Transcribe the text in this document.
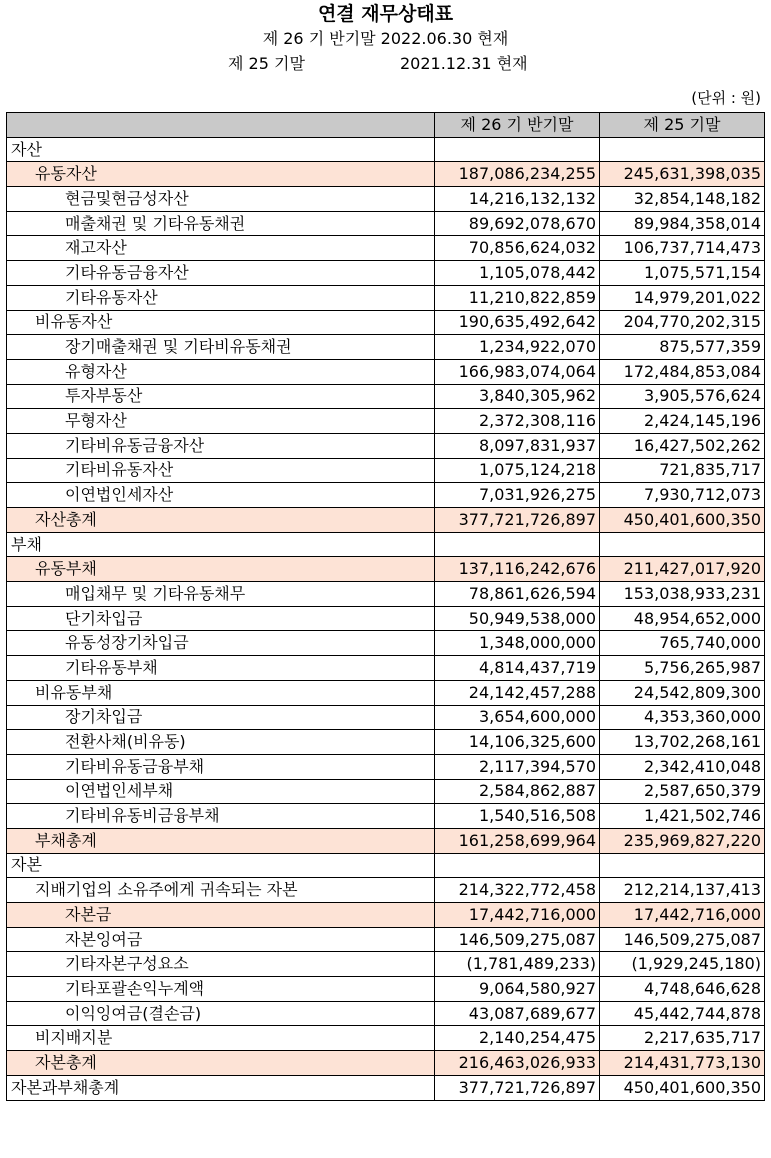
연결 재무상태표
제 26 기 반기말 2022.06.30 현재
제 25 기말	2021.12.31 현재
(단위 : 원)
	제 26 기 반기말	제 25 기말
자산		
유동자산	187,086,234,255	245,631,398,035
현금및현금성자산	14,216,132,132	32,854,148,182
매출채권 및 기타유동채권	89,692,078,670	89,984,358,014
재고자산	70,856,624,032	106,737,714,473
기타유동금융자산	1,105,078,442	1,075,571,154
기타유동자산	11,210,822,859	14,979,201,022
비유동자산	190,635,492,642	204,770,202,315
장기매출채권 및 기타비유동채권	1,234,922,070	875,577,359
유형자산	166,983,074,064	172,484,853,084
투자부동산	3,840,305,962	3,905,576,624
무형자산	2,372,308,116	2,424,145,196
기타비유동금융자산	8,097,831,937	16,427,502,262
기타비유동자산	1,075,124,218	721,835,717
이연법인세자산	7,031,926,275	7,930,712,073
자산총계	377,721,726,897	450,401,600,350
부채		
유동부채	137,116,242,676	211,427,017,920
매입채무 및 기타유동채무	78,861,626,594	153,038,933,231
단기차입금	50,949,538,000	48,954,652,000
유동성장기차입금	1,348,000,000	765,740,000
기타유동부채	4,814,437,719	5,756,265,987
비유동부채	24,142,457,288	24,542,809,300
장기차입금	3,654,600,000	4,353,360,000
전환사채(비유동)	14,106,325,600	13,702,268,161
기타비유동금융부채	2,117,394,570	2,342,410,048
이연법인세부채	2,584,862,887	2,587,650,379
기타비유동비금융부채	1,540,516,508	1,421,502,746
부채총계	161,258,699,964	235,969,827,220
자본		
지배기업의 소유주에게 귀속되는 자본	214,322,772,458	212,214,137,413
자본금	17,442,716,000	17,442,716,000
자본잉여금	146,509,275,087	146,509,275,087
기타자본구성요소	(1,781,489,233)	(1,929,245,180)
기타포괄손익누계액	9,064,580,927	4,748,646,628
이익잉여금(결손금)	43,087,689,677	45,442,744,878
비지배지분	2,140,254,475	2,217,635,717
자본총계	216,463,026,933	214,431,773,130
자본과부채총계	377,721,726,897	450,401,600,350
